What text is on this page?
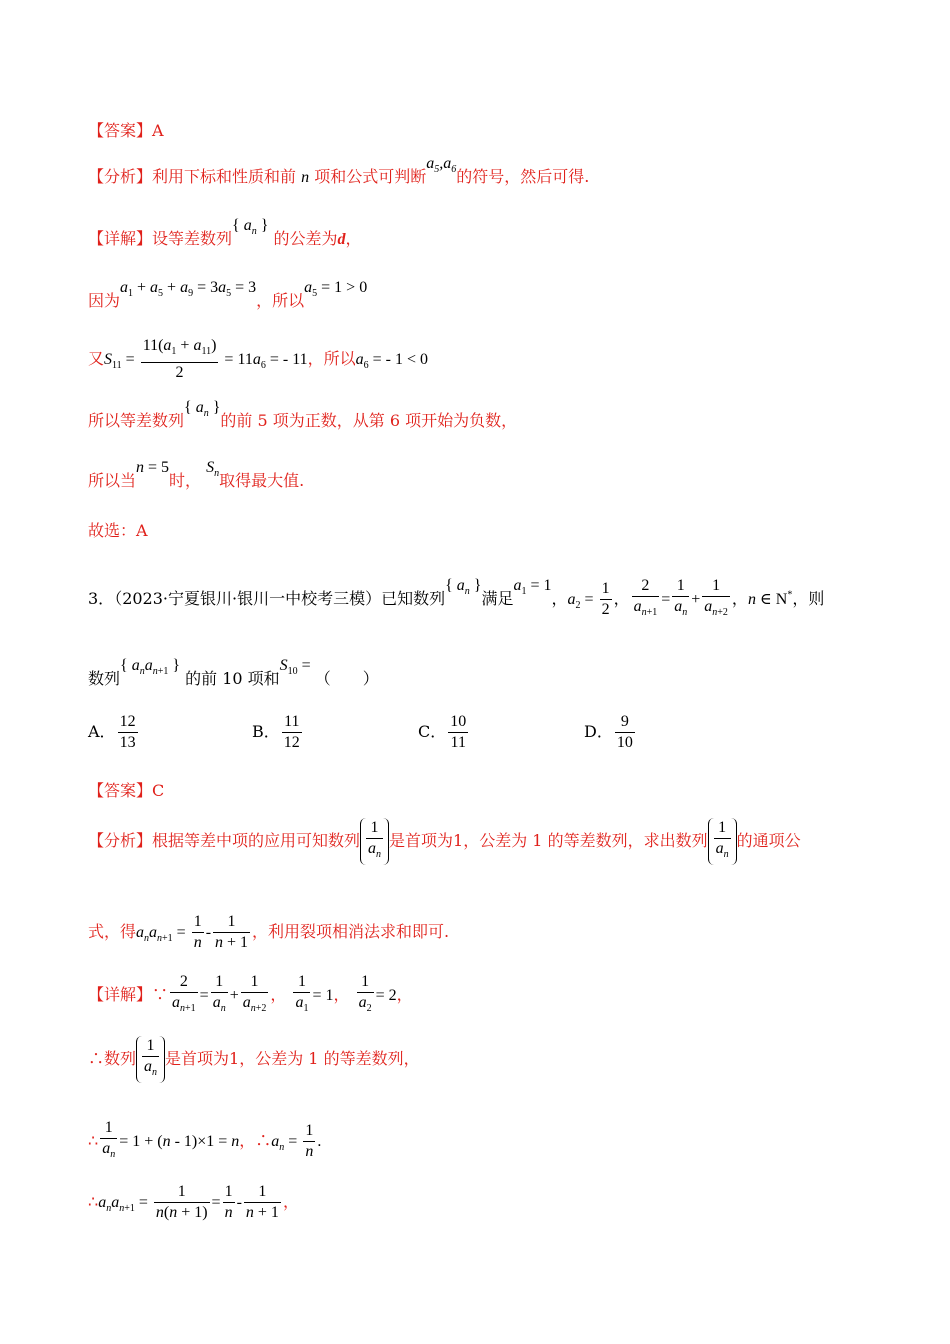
【答案】A
【分析】利用下标和性质和前 n 项和公式可判断$a_5,a_6$的符号，然后可得.
【详解】设等差数列{ $a_n$ } 的公差为d，
因为$a_1 + a_5 + a_9 = 3a_5 = 3$，所以$a_5 = 1 > 0$
又$S_{11} = \frac{11(a_1 + a_{11})}{2} = 11a_6$ = - 11，所以$a_6$ = - 1 < 0
所以等差数列{ $a_n$ }的前 5 项为正数，从第 6 项开始为负数，
所以当n = 5时， $S_n$取得最大值.
故选：A
3．（2023·宁夏银川·银川一中校考三模）已知数列{ $a_n$ }满足$a_1 = 1$，$a_2 = \frac{1}{2}$ ， $\frac{2}{a_{n+1}} = \frac{1}{a_n} + \frac{1}{a_{n+2}}$ ，n ∈ N*，则
数列{ $a_na_{n+1}$ } 的前 10 项和$S_{10}$ = （　　）
A． $\frac{12}{13}$	B． $\frac{11}{12}$	C． $\frac{10}{11}$	D． $\frac{9}{10}$
【答案】C
【分析】根据等差中项的应用可知数列 $\frac{1}{a_n}$ 是首项为1，公差为 1 的等差数列，求出数列 $\frac{1}{a_n}$ 的通项公
式，得$a_na_{n+1} = \frac{1}{n} - \frac{1}{n + 1}$ ，利用裂项相消法求和即可.
【详解】∵ $\frac{2}{a_{n+1}} = \frac{1}{a_n} + \frac{1}{a_{n+2}}$ ， $\frac{1}{a_1} = 1$， $\frac{1}{a_2} = 2$，
∴数列 $\frac{1}{a_n}$ 是首项为1，公差为 1 的等差数列，
∴ $\frac{1}{a_n} = 1 + (n - 1)\times 1 = n$，$\therefore a_n = \frac{1}{n}$ .
$\therefore a_na_{n+1} = \frac{1}{n(n + 1)} = \frac{1}{n} - \frac{1}{n + 1}$ ，
